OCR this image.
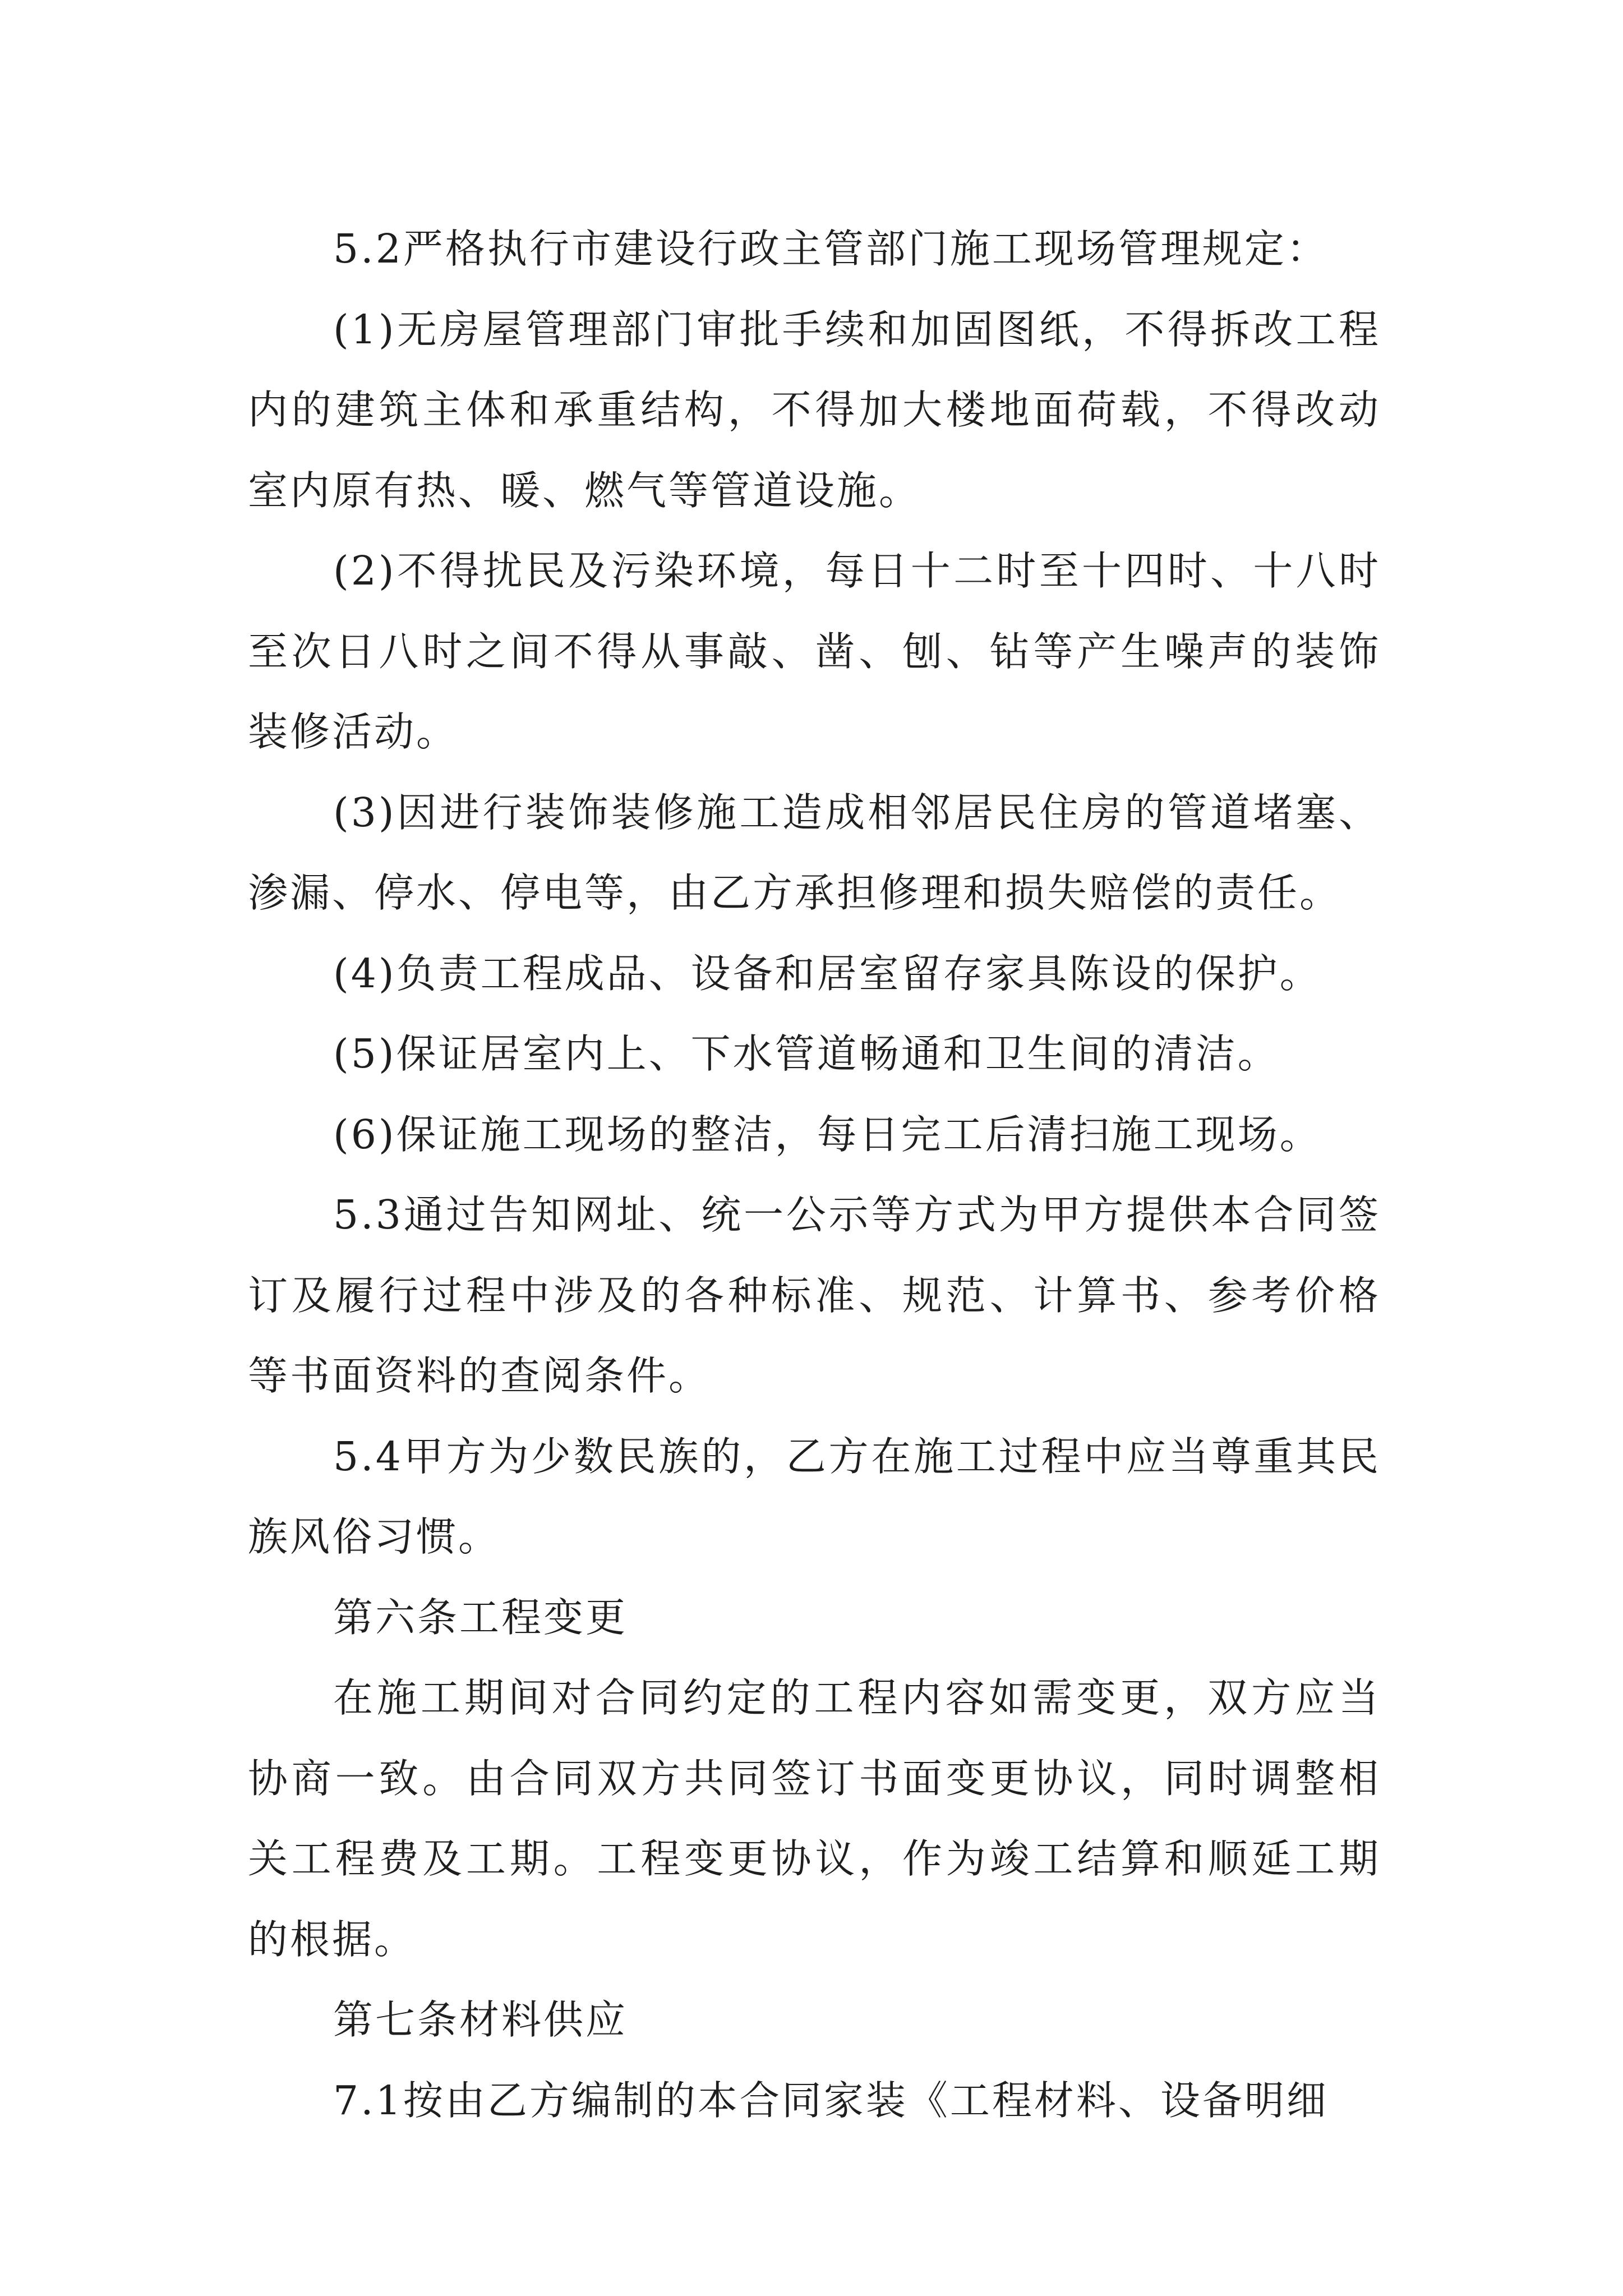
5.2严格执行市建设行政主管部门施工现场管理规定：

(1)无房屋管理部门审批手续和加固图纸，不得拆改工程内的建筑主体和承重结构，不得加大楼地面荷载，不得改动室内原有热、暖、燃气等管道设施。

(2)不得扰民及污染环境，每日十二时至十四时、十八时至次日八时之间不得从事敲、凿、刨、钻等产生噪声的装饰装修活动。

(3)因进行装饰装修施工造成相邻居民住房的管道堵塞、渗漏、停水、停电等，由乙方承担修理和损失赔偿的责任。

(4)负责工程成品、设备和居室留存家具陈设的保护。

(5)保证居室内上、下水管道畅通和卫生间的清洁。

(6)保证施工现场的整洁，每日完工后清扫施工现场。

5.3通过告知网址、统一公示等方式为甲方提供本合同签订及履行过程中涉及的各种标准、规范、计算书、参考价格等书面资料的查阅条件。

5.4甲方为少数民族的，乙方在施工过程中应当尊重其民族风俗习惯。

第六条工程变更

在施工期间对合同约定的工程内容如需变更，双方应当协商一致。由合同双方共同签订书面变更协议，同时调整相关工程费及工期。工程变更协议，作为竣工结算和顺延工期的根据。

第七条材料供应

7.1按由乙方编制的本合同家装《工程材料、设备明细
